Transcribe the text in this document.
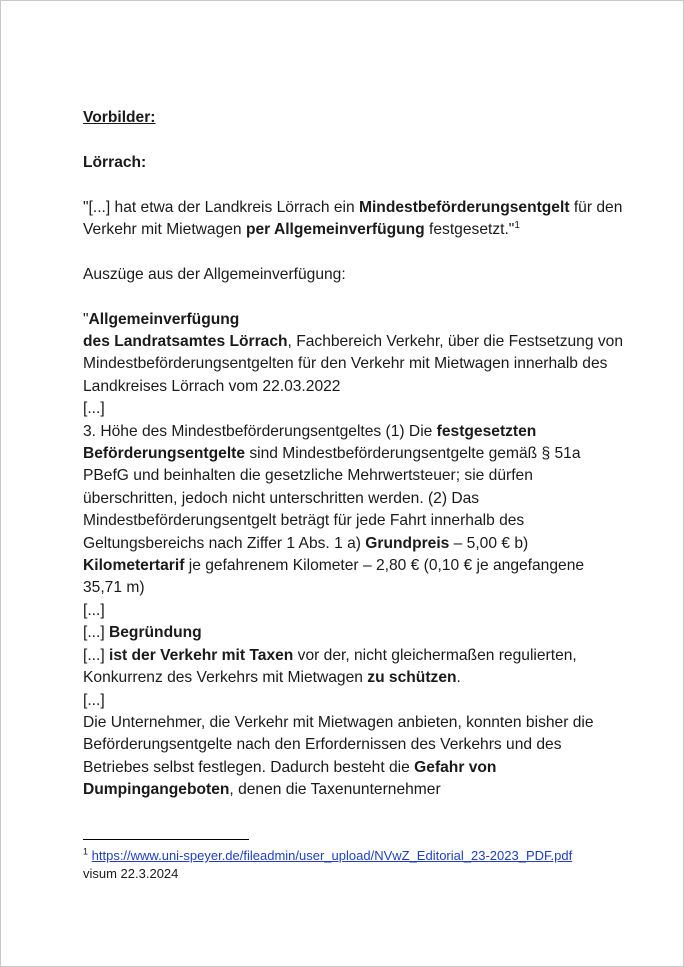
Vorbilder:

Lörrach:

"[...] hat etwa der Landkreis Lörrach ein Mindestbeförderungsentgelt für den Verkehr mit Mietwagen per Allgemeinverfügung festgesetzt."$^1$

Auszüge aus der Allgemeinverfügung:

"Allgemeinverfügung

des Landratsamtes Lörrach, Fachbereich Verkehr, über die Festsetzung von Mindestbeförderungsentgelten für den Verkehr mit Mietwagen innerhalb des Landkreises Lörrach vom 22.03.2022

[...]

3. Höhe des Mindestbeförderungsentgeltes (1) Die festgesetzten Beförderungsentgelte sind Mindestbeförderungsentgelte gemäß § 51a PBefG und beinhalten die gesetzliche Mehrwertsteuer; sie dürfen überschritten, jedoch nicht unterschritten werden. (2) Das Mindestbeförderungsentgelt beträgt für jede Fahrt innerhalb des Geltungsbereichs nach Ziffer 1 Abs. 1 a) Grundpreis – 5,00 € b) Kilometertarif je gefahrenem Kilometer – 2,80 € (0,10 € je angefangene 35,71 m)

[...]

[...] Begründung

[...] ist der Verkehr mit Taxen vor der, nicht gleichermaßen regulierten, Konkurrenz des Verkehrs mit Mietwagen zu schützen.

[...]

Die Unternehmer, die Verkehr mit Mietwagen anbieten, konnten bisher die Beförderungsentgelte nach den Erfordernissen des Verkehrs und des Betriebes selbst festlegen. Dadurch besteht die Gefahr von Dumpingangeboten, denen die Taxenunternehmer

$^1$ https://www.uni-speyer.de/fileadmin/user_upload/NVwZ_Editorial_23-2023_PDF.pdf visum 22.3.2024
